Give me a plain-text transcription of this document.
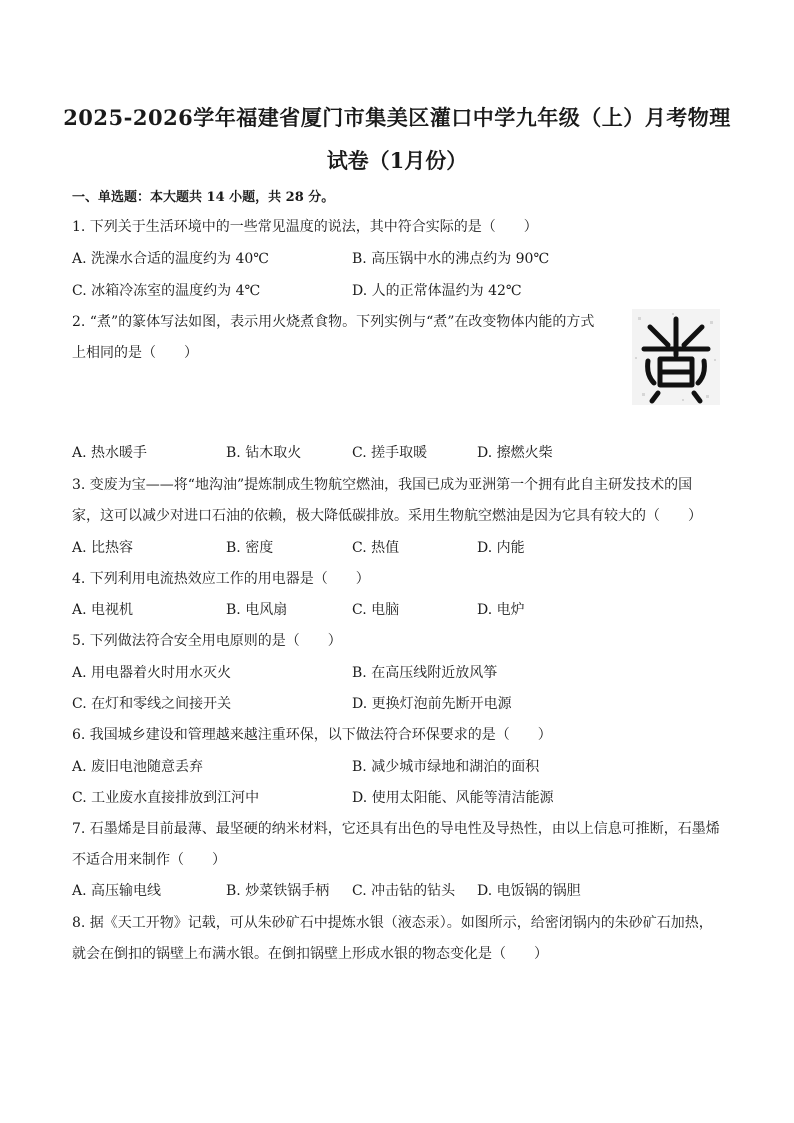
2025-2026学年福建省厦门市集美区灌口中学九年级（上）月考物理
试卷（1月份）
一、单选题：本大题共 14 小题，共 28 分。
1. 下列关于生活环境中的一些常见温度的说法，其中符合实际的是（　　）
A. 洗澡水合适的温度约为 40℃	B. 高压锅中水的沸点约为 90℃
C. 冰箱冷冻室的温度约为 4℃	D. 人的正常体温约为 42℃
2. “煮”的篆体写法如图，表示用火烧煮食物。下列实例与“煮”在改变物体内能的方式
上相同的是（　　）
A. 热水暖手	B. 钻木取火	C. 搓手取暖	D. 擦燃火柴
3. 变废为宝——将“地沟油”提炼制成生物航空燃油，我国已成为亚洲第一个拥有此自主研发技术的国
家，这可以减少对进口石油的依赖，极大降低碳排放。采用生物航空燃油是因为它具有较大的（　　）
A. 比热容	B. 密度	C. 热值	D. 内能
4. 下列利用电流热效应工作的用电器是（　　）
A. 电视机	B. 电风扇	C. 电脑	D. 电炉
5. 下列做法符合安全用电原则的是（　　）
A. 用电器着火时用水灭火	B. 在高压线附近放风筝
C. 在灯和零线之间接开关	D. 更换灯泡前先断开电源
6. 我国城乡建设和管理越来越注重环保，以下做法符合环保要求的是（　　）
A. 废旧电池随意丢弃	B. 减少城市绿地和湖泊的面积
C. 工业废水直接排放到江河中	D. 使用太阳能、风能等清洁能源
7. 石墨烯是目前最薄、最坚硬的纳米材料，它还具有出色的导电性及导热性，由以上信息可推断，石墨烯
不适合用来制作（　　）
A. 高压输电线	B. 炒菜铁锅手柄 C. 冲击钻的钻头 D. 电饭锅的锅胆
8. 据《天工开物》记载，可从朱砂矿石中提炼水银（液态汞）。如图所示，给密闭锅内的朱砂矿石加热，
就会在倒扣的锅壁上布满水银。在倒扣锅壁上形成水银的物态变化是（　　）
